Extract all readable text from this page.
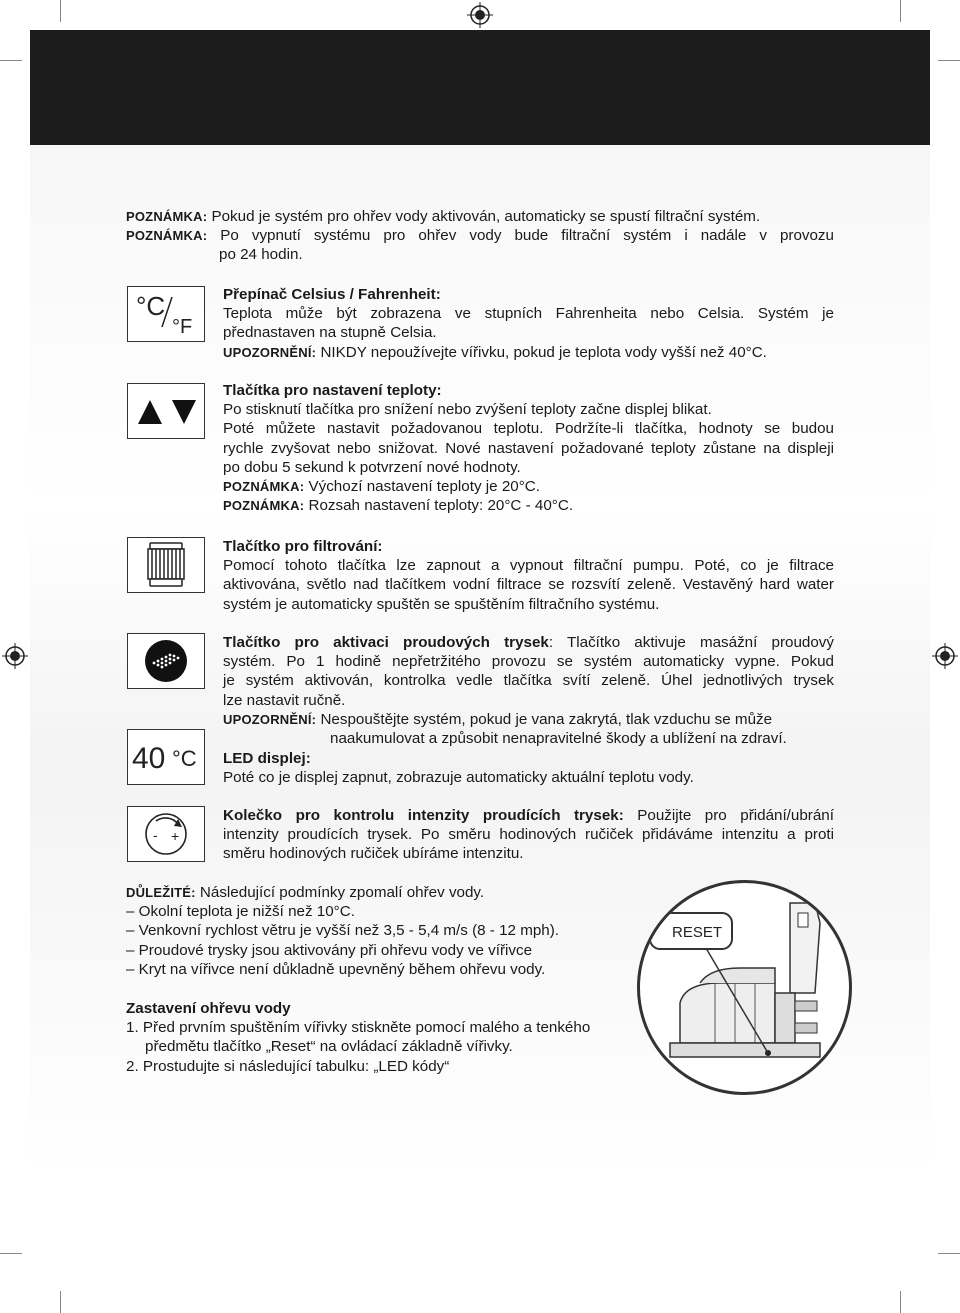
POZNÁMKA: Pokud je systém pro ohřev vody aktivován, automaticky se spustí filtrační systém.
POZNÁMKA: Po vypnutí systému pro ohřev vody bude filtrační systém i nadále v provozu
po 24 hodin.
°C
°F
Přepínač Celsius / Fahrenheit:
Teplota může být zobrazena ve stupních Fahrenheita nebo Celsia. Systém je
přednastaven na stupně Celsia.
UPOZORNĚNÍ: NIKDY nepoužívejte vířivku, pokud je teplota vody vyšší než 40°C.
Tlačítka pro nastavení teploty:
Po stisknutí tlačítka pro snížení nebo zvýšení teploty začne displej blikat.
Poté můžete nastavit požadovanou teplotu. Podržíte-li tlačítka, hodnoty se budou
rychle zvyšovat nebo snižovat. Nové nastavení požadované teploty zůstane na displeji
po dobu 5 sekund k potvrzení nové hodnoty.
POZNÁMKA: Výchozí nastavení teploty je 20°C.
POZNÁMKA: Rozsah nastavení teploty: 20°C - 40°C.
Tlačítko pro filtrování:
Pomocí tohoto tlačítka lze zapnout a vypnout filtrační pumpu. Poté, co je filtrace
aktivována, světlo nad tlačítkem vodní filtrace se rozsvítí zeleně. Vestavěný hard water
systém je automaticky spuštěn se spuštěním filtračního systému.
Tlačítko pro aktivaci proudových trysek: Tlačítko aktivuje masážní proudový
systém. Po 1 hodině nepřetržitého provozu se systém automaticky vypne. Pokud
je systém aktivován, kontrolka vedle tlačítka svítí zeleně. Úhel jednotlivých trysek
lze nastavit ručně.
UPOZORNĚNÍ: Nespouštějte systém, pokud je vana zakrytá, tlak vzduchu se může
naakumulovat a způsobit nenapravitelné škody a ublížení na zdraví.
40 °C LED displej:
Poté co je displej zapnut, zobrazuje automaticky aktuální teplotu vody.
- +
Kolečko pro kontrolu intenzity proudících trysek: Použijte pro přidání/ubrání
intenzity proudících trysek. Po směru hodinových ručiček přidáváme intenzitu a proti
směru hodinových ručiček ubíráme intenzitu.
DŮLEŽITÉ: Následující podmínky zpomalí ohřev vody.
– Okolní teplota je nižší než 10°C.
– Venkovní rychlost větru je vyšší než 3,5 - 5,4 m/s (8 - 12 mph).
– Proudové trysky jsou aktivovány při ohřevu vody ve vířivce
– Kryt na vířivce není důkladně upevněný během ohřevu vody.
Zastavení ohřevu vody
1. Před prvním spuštěním vířivky stiskněte pomocí malého a tenkého
předmětu tlačítko „Reset“ na ovládací základně vířivky.
2. Prostudujte si následující tabulku: „LED kódy“
RESET
